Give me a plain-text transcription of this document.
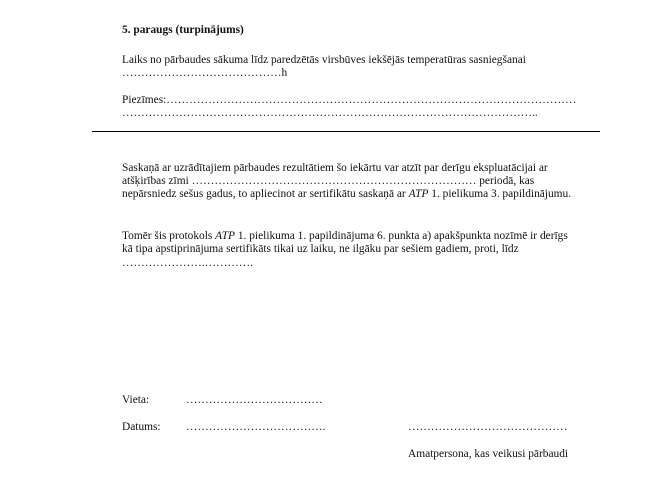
5. paraugs (turpinājums)
Laiks no pārbaudes sākuma līdz paredzētās virsbūves iekšējās temperatūras sasniegšanai
……………………………………h
Piezīmes:………………………………………………………………………………………………
………………………………………………………………………………………………..
Saskaņā ar uzrādītajiem pārbaudes rezultātiem šo iekārtu var atzīt par derīgu ekspluatācijai ar
atšķirības zīmi ………………………………………………………………… periodā, kas
nepārsniedz sešus gadus, to apliecinot ar sertifikātu saskaņā ar ATP 1. pielikuma 3. papildinājumu.
Tomēr šis protokols ATP 1. pielikuma 1. papildinājuma 6. punkta a) apakšpunkta nozīmē ir derīgs
kā tipa apstiprinājuma sertifikāts tikai uz laiku, ne ilgāku par sešiem gadiem, proti, līdz
………………….………….
Vieta:	………………………………
Datums: ……………………………….	……………………………………
Amatpersona, kas veikusi pārbaudi
